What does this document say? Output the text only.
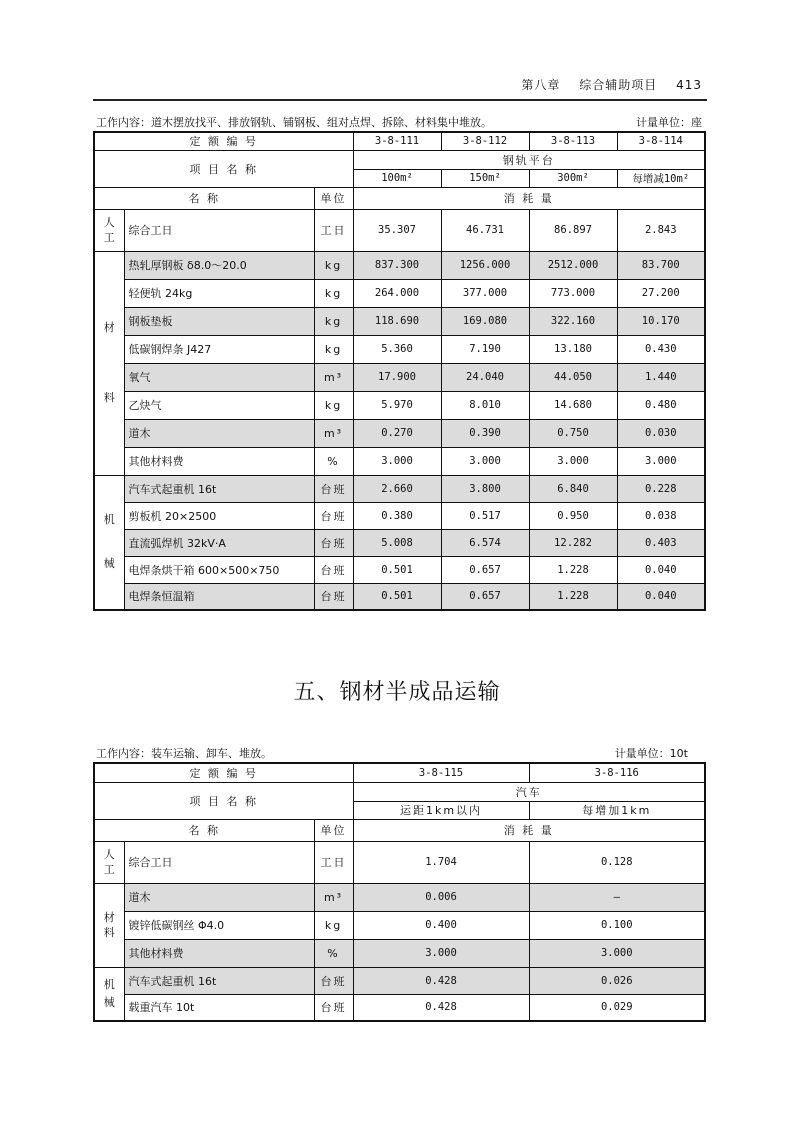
第八章 综合辅助项目 413
工作内容：道木摆放找平、排放钢轨、铺钢板、组对点焊、拆除、材料集中堆放。	计量单位：座
定 额 编 号			3-8-111	3-8-112	3-8-113	3-8-114
项 目 名 称			钢轨平台			
			100m²	150m²	300m²	每增减10m²
名 称		单位	消 耗 量			
人工	综合工日	工日	35.307	46.731	86.897	2.843
材料	热轧厚钢板 δ8.0～20.0	kg	837.300	1256.000	2512.000	83.700
	轻便轨 24kg	kg	264.000	377.000	773.000	27.200
	钢板垫板	kg	118.690	169.080	322.160	10.170
	低碳钢焊条 J427	kg	5.360	7.190	13.180	0.430
	氧气	m³	17.900	24.040	44.050	1.440
	乙炔气	kg	5.970	8.010	14.680	0.480
	道木	m³	0.270	0.390	0.750	0.030
	其他材料费	%	3.000	3.000	3.000	3.000
机械	汽车式起重机 16t	台班	2.660	3.800	6.840	0.228
	剪板机 20×2500	台班	0.380	0.517	0.950	0.038
	直流弧焊机 32kV·A	台班	5.008	6.574	12.282	0.403
	电焊条烘干箱 600×500×750	台班	0.501	0.657	1.228	0.040
	电焊条恒温箱	台班	0.501	0.657	1.228	0.040
五、钢材半成品运输
工作内容：装车运输、卸车、堆放。	计量单位：10t
定 额 编 号			3-8-115	3-8-116
项 目 名 称			汽车	
			运距1km以内	每增加1km
名 称		单位	消 耗 量	
人工	综合工日	工日	1.704	0.128
材料	道木	m³	0.006	—
	镀锌低碳钢丝 Φ4.0	kg	0.400	0.100
	其他材料费	%	3.000	3.000
机械	汽车式起重机 16t	台班	0.428	0.026
	载重汽车 10t	台班	0.428	0.029
